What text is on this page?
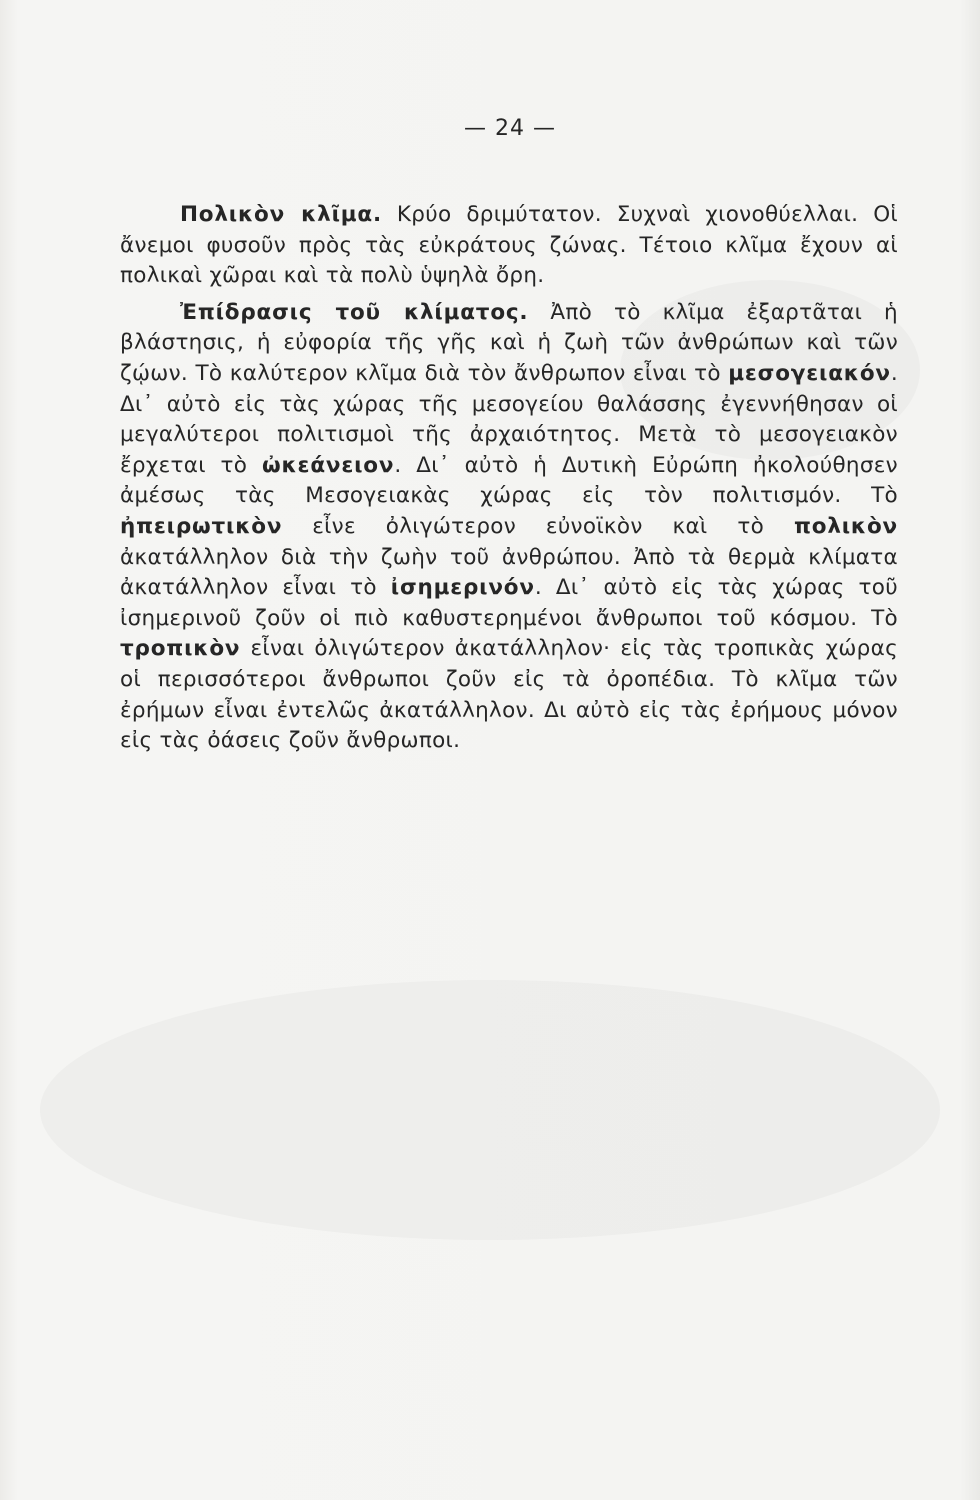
— 24 —

Πολικὸν κλῖμα. Κρύο δριμύτατον. Συχναὶ χιονοθύελλαι. Οἱ ἄνεμοι φυσοῦν πρὸς τὰς εὐκράτους ζώνας. Τέτοιο κλῖμα ἔχουν αἱ πολικαὶ χῶραι καὶ τὰ πολὺ ὑψηλὰ ὄρη.

Ἐπίδρασις τοῦ κλίματος. Ἀπὸ τὸ κλῖμα ἐξαρτᾶται ἡ βλάστησις, ἡ εὐφορία τῆς γῆς καὶ ἡ ζωὴ τῶν ἀνθρώπων καὶ τῶν ζῴων. Τὸ καλύτερον κλῖμα διὰ τὸν ἄνθρωπον εἶναι τὸ μεσογειακόν. Δι᾽ αὐτὸ εἰς τὰς χώρας τῆς μεσογείου θαλάσσης ἐγεννήθησαν οἱ μεγαλύτεροι πολιτισμοὶ τῆς ἀρχαιότητος. Μετὰ τὸ μεσογειακὸν ἔρχεται τὸ ὠκεάνειον. Δι᾽ αὐτὸ ἡ Δυτικὴ Εὐρώπη ἠκολούθησεν ἀμέσως τὰς Μεσογειακὰς χώρας εἰς τὸν πολιτισμόν. Τὸ ἠπειρωτικὸν εἶνε ὀλιγώτερον εὐνοϊκὸν καὶ τὸ πολικὸν ἀκατάλληλον διὰ τὴν ζωὴν τοῦ ἀνθρώπου. Ἀπὸ τὰ θερμὰ κλίματα ἀκατάλληλον εἶναι τὸ ἰσημερινόν. Δι᾽ αὐτὸ εἰς τὰς χώρας τοῦ ἰσημερινοῦ ζοῦν οἱ πιὸ καθυστερημένοι ἄνθρωποι τοῦ κόσμου. Τὸ τροπικὸν εἶναι ὀλιγώτερον ἀκατάλληλον· εἰς τὰς τροπικὰς χώρας οἱ περισσότεροι ἄνθρωποι ζοῦν εἰς τὰ ὀροπέδια. Τὸ κλῖμα τῶν ἐρήμων εἶναι ἐντελῶς ἀκατάλληλον. Δι αὐτὸ εἰς τὰς ἐρήμους μόνον εἰς τὰς ὀάσεις ζοῦν ἄνθρωποι.
